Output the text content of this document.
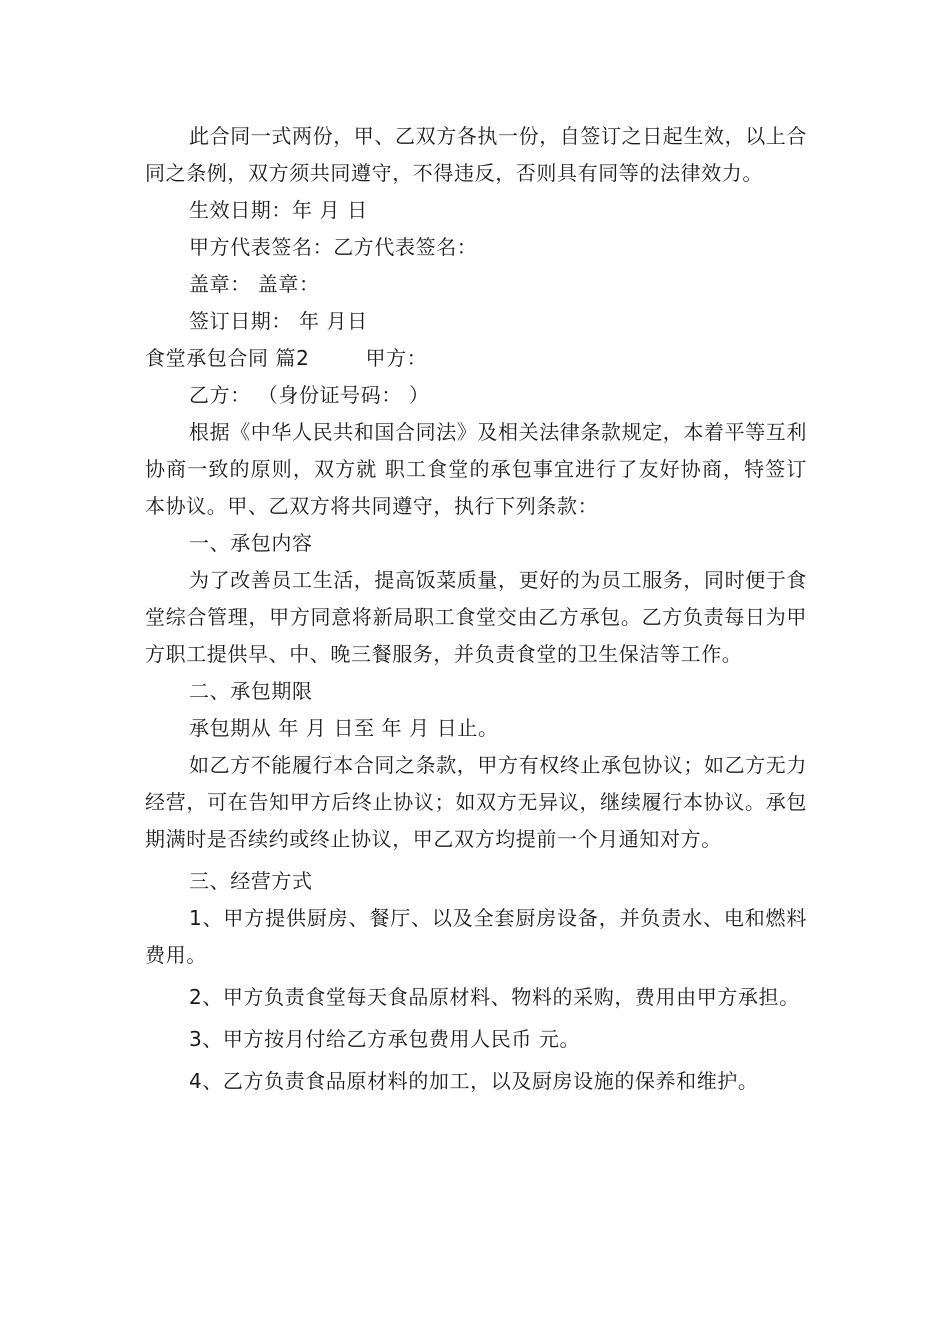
此合同一式两份，甲、乙双方各执一份，自签订之日起生效，以上合同之条例，双方须共同遵守，不得违反，否则具有同等的法律效力。

生效日期：年 月 日

甲方代表签名：乙方代表签名：

盖章： 盖章：

签订日期： 年 月日

食堂承包合同 篇2	甲方：

乙方： （身份证号码： ）

根据《中华人民共和国合同法》及相关法律条款规定，本着平等互利协商一致的原则，双方就 职工食堂的承包事宜进行了友好协商，特签订本协议。甲、乙双方将共同遵守，执行下列条款：

一、承包内容

为了改善员工生活，提高饭菜质量，更好的为员工服务，同时便于食堂综合管理，甲方同意将新局职工食堂交由乙方承包。乙方负责每日为甲方职工提供早、中、晚三餐服务，并负责食堂的卫生保洁等工作。

二、承包期限

承包期从 年 月 日至 年 月 日止。

如乙方不能履行本合同之条款，甲方有权终止承包协议；如乙方无力经营，可在告知甲方后终止协议；如双方无异议，继续履行本协议。承包期满时是否续约或终止协议，甲乙双方均提前一个月通知对方。

三、经营方式

1、甲方提供厨房、餐厅、以及全套厨房设备，并负责水、电和燃料费用。

2、甲方负责食堂每天食品原材料、物料的采购，费用由甲方承担。

3、甲方按月付给乙方承包费用人民币 元。

4、乙方负责食品原材料的加工，以及厨房设施的保养和维护。
